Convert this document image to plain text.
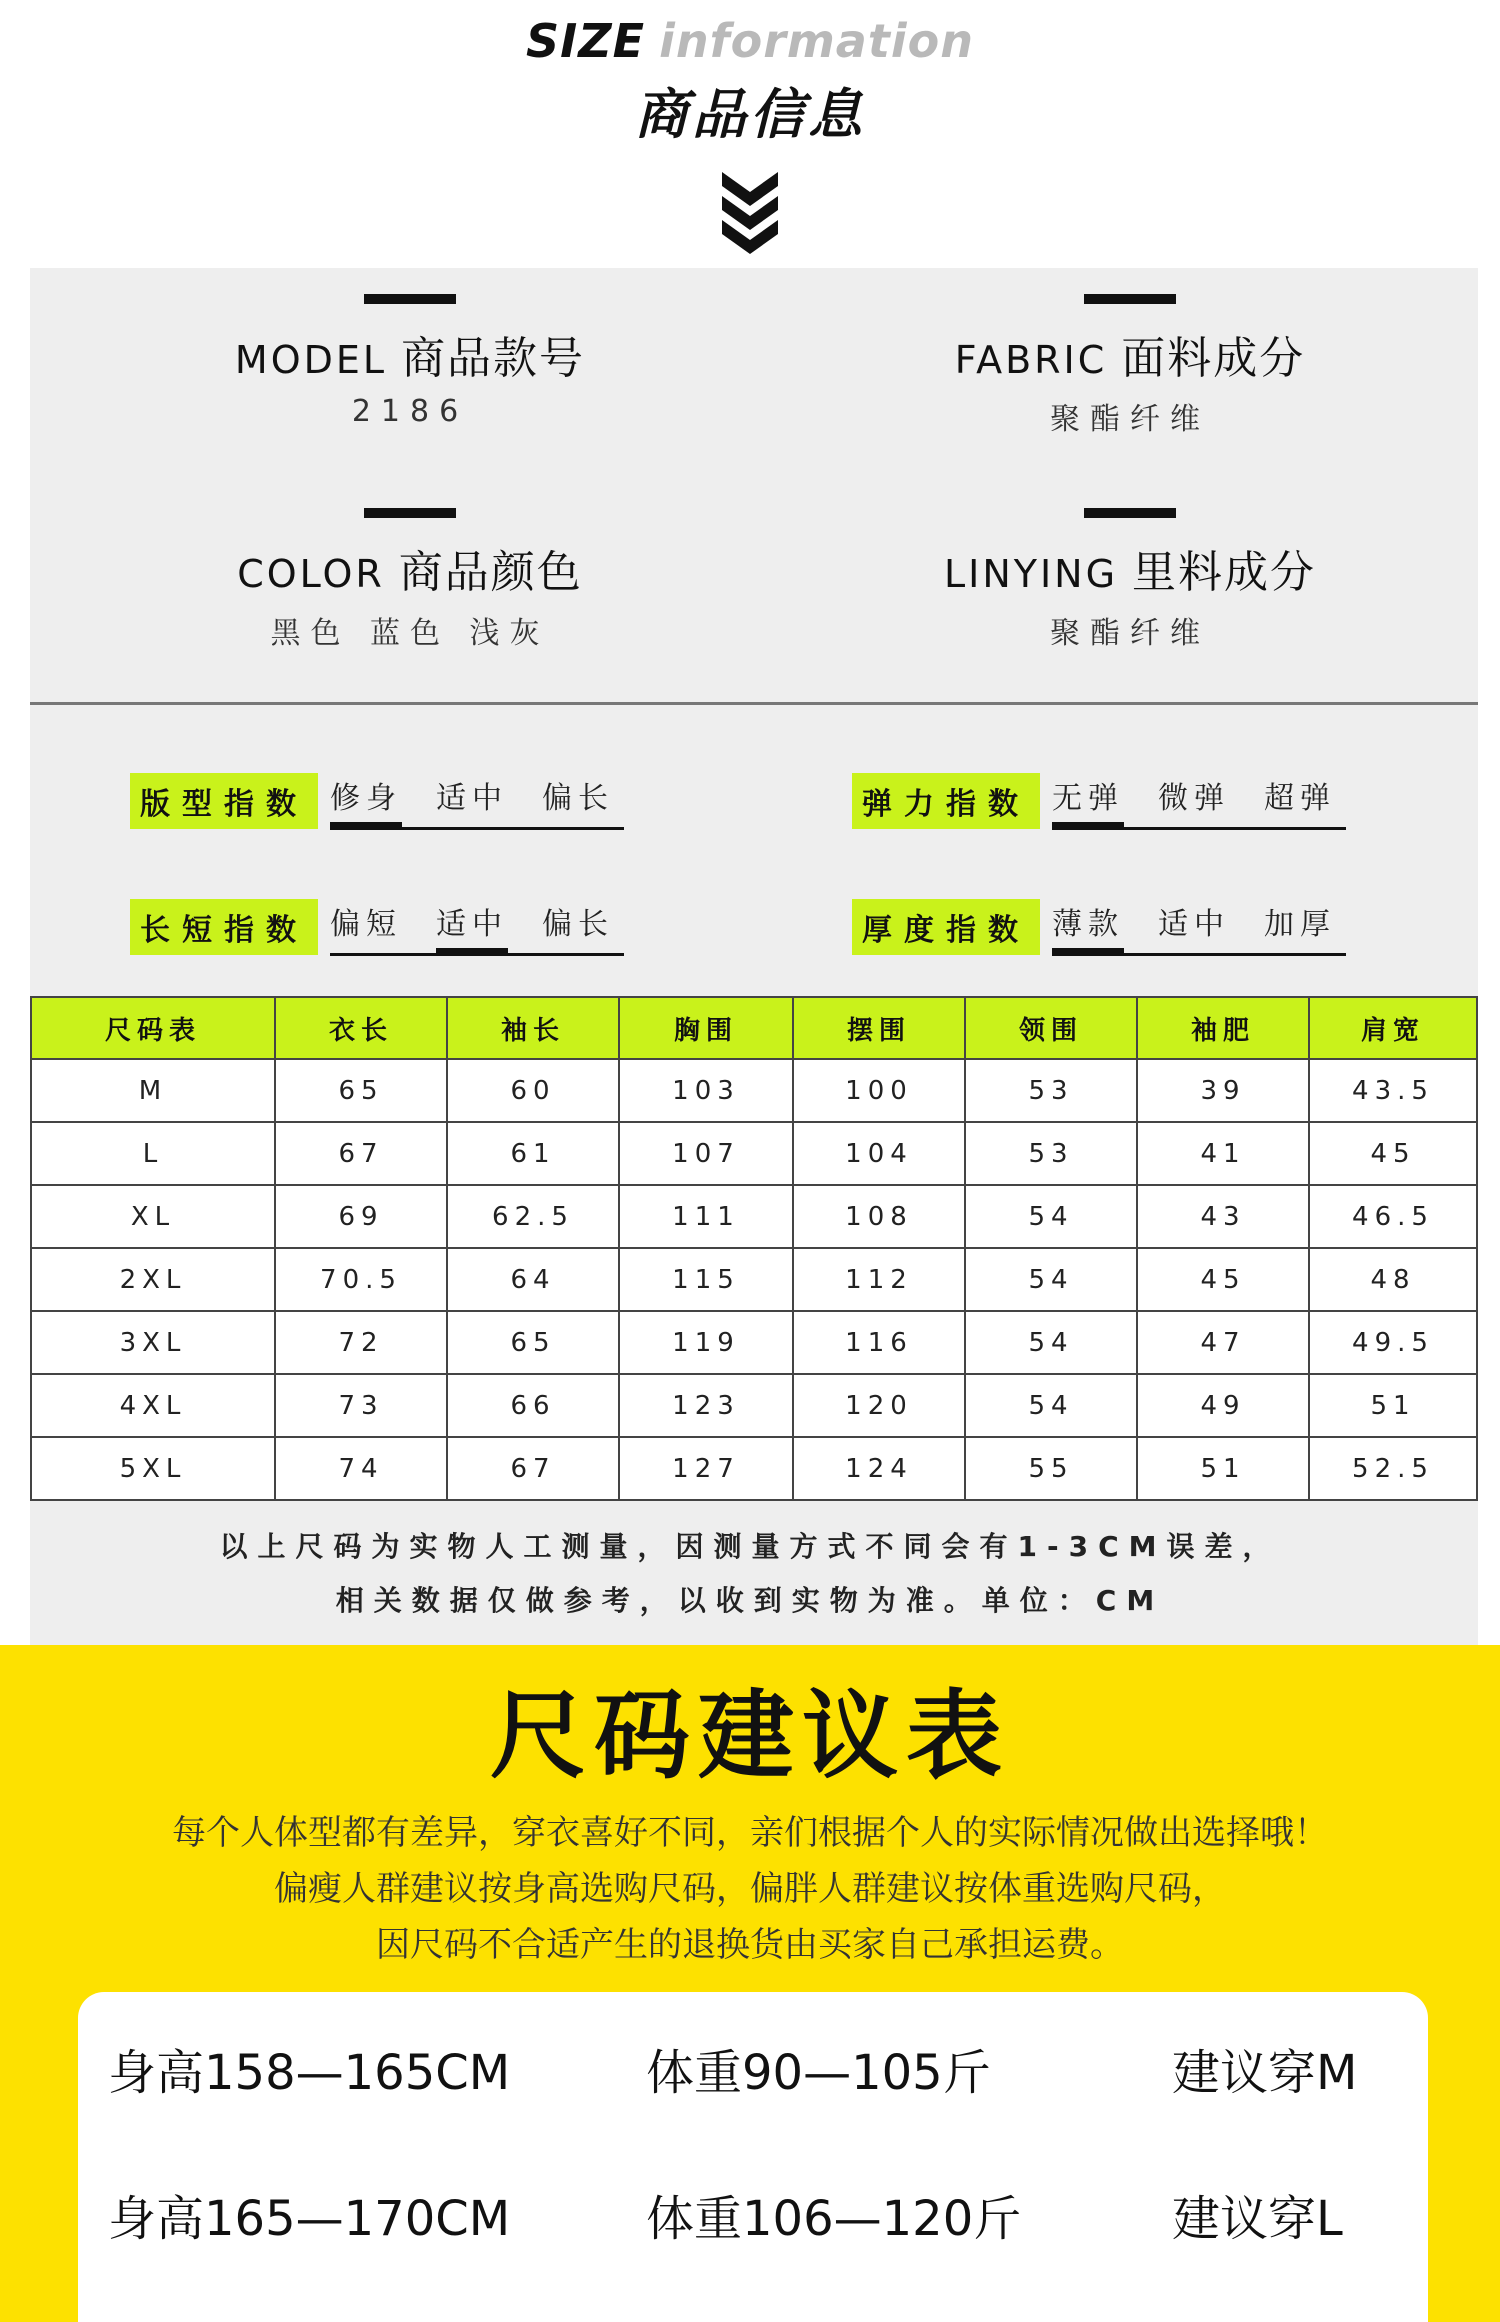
SIZE information
商品信息
MODEL 商品款号
2186
FABRIC 面料成分
聚酯纤维
COLOR 商品颜色
黑色 蓝色 浅灰
LINYING 里料成分
聚酯纤维
版型指数 修身 适中 偏长	弹力指数 无弹 微弹 超弹
长短指数 偏短 适中 偏长	厚度指数 薄款 适中 加厚
尺码表	衣长	袖长	胸围	摆围	领围	袖肥	肩宽
M	65	60	103	100	53	39	43.5
L	67	61	107	104	53	41	45
XL	69	62.5	111	108	54	43	46.5
2XL	70.5	64	115	112	54	45	48
3XL	72	65	119	116	54	47	49.5
4XL	73	66	123	120	54	49	51
5XL	74	67	127	124	55	51	52.5
以上尺码为实物人工测量，因测量方式不同会有1-3CM误差，
相关数据仅做参考，以收到实物为准。单位：CM
尺码建议表
每个人体型都有差异，穿衣喜好不同，亲们根据个人的实际情况做出选择哦！
偏瘦人群建议按身高选购尺码，偏胖人群建议按体重选购尺码，
因尺码不合适产生的退换货由买家自己承担运费。
身高158—165CM	体重90—105斤	建议穿M
身高165—170CM	体重106—120斤	建议穿L
